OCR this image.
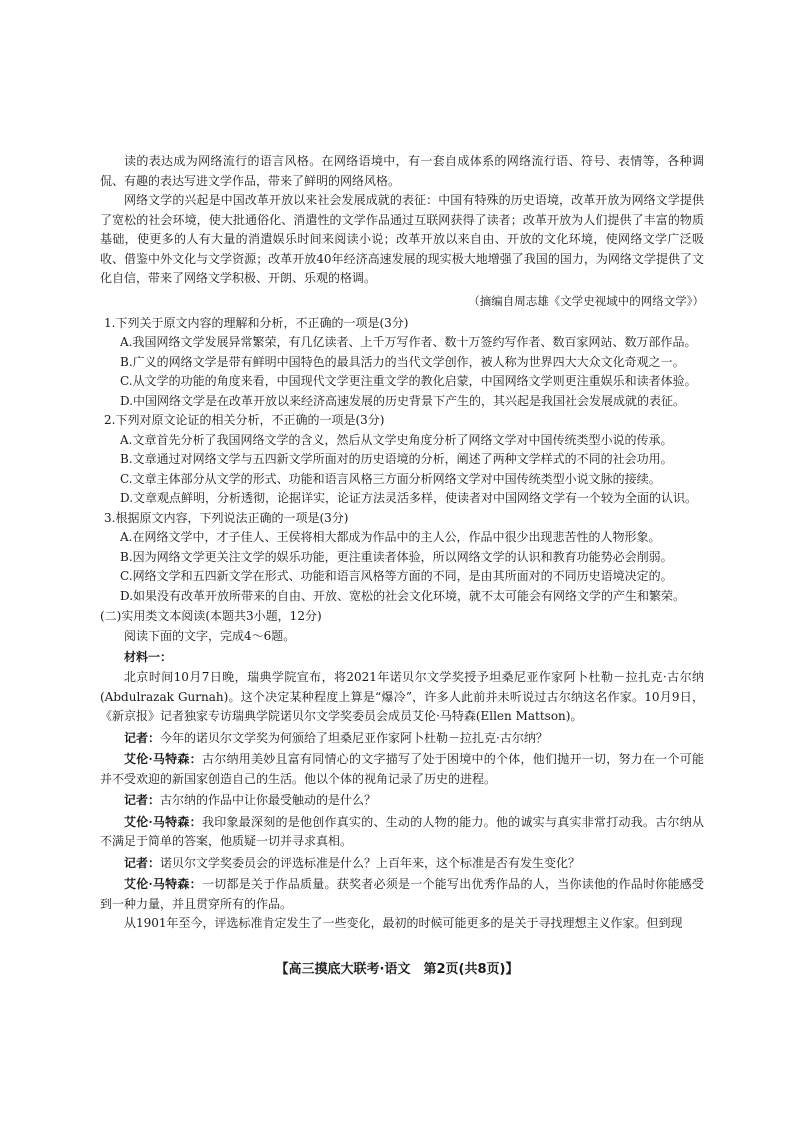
读的表达成为网络流行的语言风格。在网络语境中，有一套自成体系的网络流行语、符号、表情等，各种调侃、有趣的表达写进文学作品，带来了鲜明的网络风格。

网络文学的兴起是中国改革开放以来社会发展成就的表征：中国有特殊的历史语境，改革开放为网络文学提供了宽松的社会环境，使大批通俗化、消遣性的文学作品通过互联网获得了读者；改革开放为人们提供了丰富的物质基础，使更多的人有大量的消遣娱乐时间来阅读小说；改革开放以来自由、开放的文化环境，使网络文学广泛吸收、借鉴中外文化与文学资源；改革开放40年经济高速发展的现实极大地增强了我国的国力，为网络文学提供了文化自信，带来了网络文学积极、开朗、乐观的格调。

（摘编自周志雄《文学史视域中的网络文学》）
1.下列关于原文内容的理解和分析，不正确的一项是(3分)
A.我国网络文学发展异常繁荣，有几亿读者、上千万写作者、数十万签约写作者、数百家网站、数万部作品。
B.广义的网络文学是带有鲜明中国特色的最具活力的当代文学创作，被人称为世界四大大众文化奇观之一。
C.从文学的功能的角度来看，中国现代文学更注重文学的教化启蒙，中国网络文学则更注重娱乐和读者体验。
D.中国网络文学是在改革开放以来经济高速发展的历史背景下产生的，其兴起是我国社会发展成就的表征。
2.下列对原文论证的相关分析，不正确的一项是(3分)
A.文章首先分析了我国网络文学的含义，然后从文学史角度分析了网络文学对中国传统类型小说的传承。
B.文章通过对网络文学与五四新文学所面对的历史语境的分析，阐述了两种文学样式的不同的社会功用。
C.文章主体部分从文学的形式、功能和语言风格三方面分析网络文学对中国传统类型小说文脉的接续。
D.文章观点鲜明，分析透彻，论据详实，论证方法灵活多样，使读者对中国网络文学有一个较为全面的认识。
3.根据原文内容，下列说法正确的一项是(3分)
A.在网络文学中，才子佳人、王侯将相大都成为作品中的主人公，作品中很少出现悲苦性的人物形象。
B.因为网络文学更关注文学的娱乐功能，更注重读者体验，所以网络文学的认识和教育功能势必会削弱。
C.网络文学和五四新文学在形式、功能和语言风格等方面的不同，是由其所面对的不同历史语境决定的。
D.如果没有改革开放所带来的自由、开放、宽松的社会文化环境，就不太可能会有网络文学的产生和繁荣。
(二)实用类文本阅读(本题共3小题，12分)
阅读下面的文字，完成4～6题。
材料一：

北京时间10月7日晚，瑞典学院宣布，将2021年诺贝尔文学奖授予坦桑尼亚作家阿卜杜勒－拉扎克·古尔纳(Abdulrazak Gurnah)。这个决定某种程度上算是“爆冷”，许多人此前并未听说过古尔纳这名作家。10月9日，《新京报》记者独家专访瑞典学院诺贝尔文学奖委员会成员艾伦·马特森(Ellen Mattson)。

记者：今年的诺贝尔文学奖为何颁给了坦桑尼亚作家阿卜杜勒－拉扎克·古尔纳？
艾伦·马特森：古尔纳用美妙且富有同情心的文字描写了处于困境中的个体，他们抛开一切，努力在一个可能并不受欢迎的新国家创造自己的生活。他以个体的视角记录了历史的进程。
记者：古尔纳的作品中让你最受触动的是什么？
艾伦·马特森：我印象最深刻的是他创作真实的、生动的人物的能力。他的诚实与真实非常打动我。古尔纳从不满足于简单的答案，他质疑一切并寻求真相。
记者：诺贝尔文学奖委员会的评选标准是什么？上百年来，这个标准是否有发生变化？
艾伦·马特森：一切都是关于作品质量。获奖者必须是一个能写出优秀作品的人，当你读他的作品时你能感受到一种力量，并且贯穿所有的作品。

从1901年至今，评选标准肯定发生了一些变化，最初的时候可能更多的是关于寻找理想主义作家。但到现

【高三摸底大联考·语文　第2页(共8页)】
